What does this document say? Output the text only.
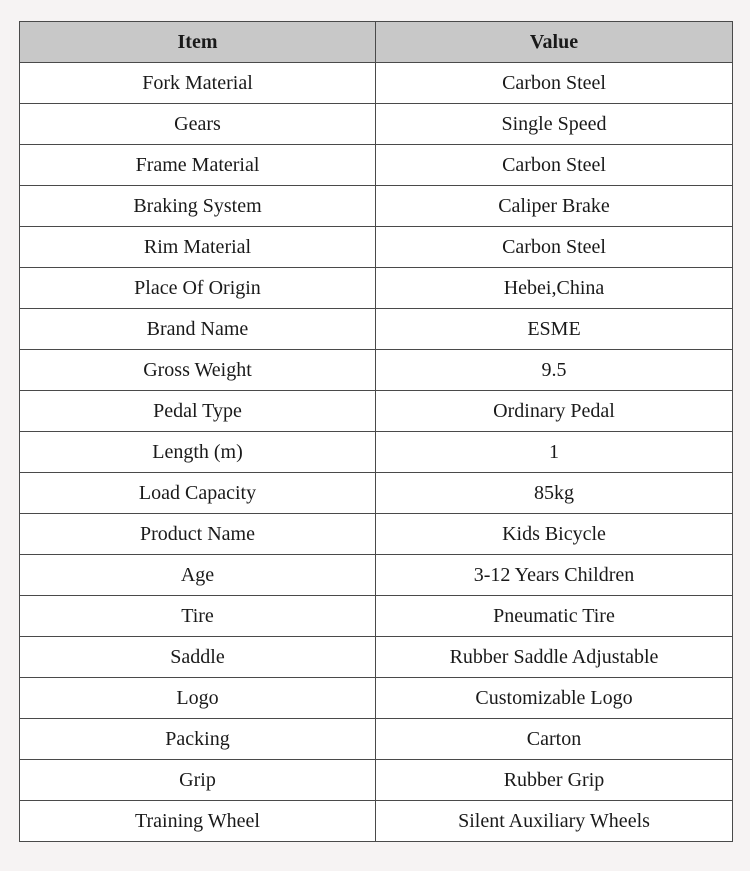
Item	Value
Fork Material	Carbon Steel
Gears	Single Speed
Frame Material	Carbon Steel
Braking System	Caliper Brake
Rim Material	Carbon Steel
Place Of Origin	Hebei,China
Brand Name	ESME
Gross Weight	9.5
Pedal Type	Ordinary Pedal
Length (m)	1
Load Capacity	85kg
Product Name	Kids Bicycle
Age	3-12 Years Children
Tire	Pneumatic Tire
Saddle	Rubber Saddle Adjustable
Logo	Customizable Logo
Packing	Carton
Grip	Rubber Grip
Training Wheel	Silent Auxiliary Wheels
